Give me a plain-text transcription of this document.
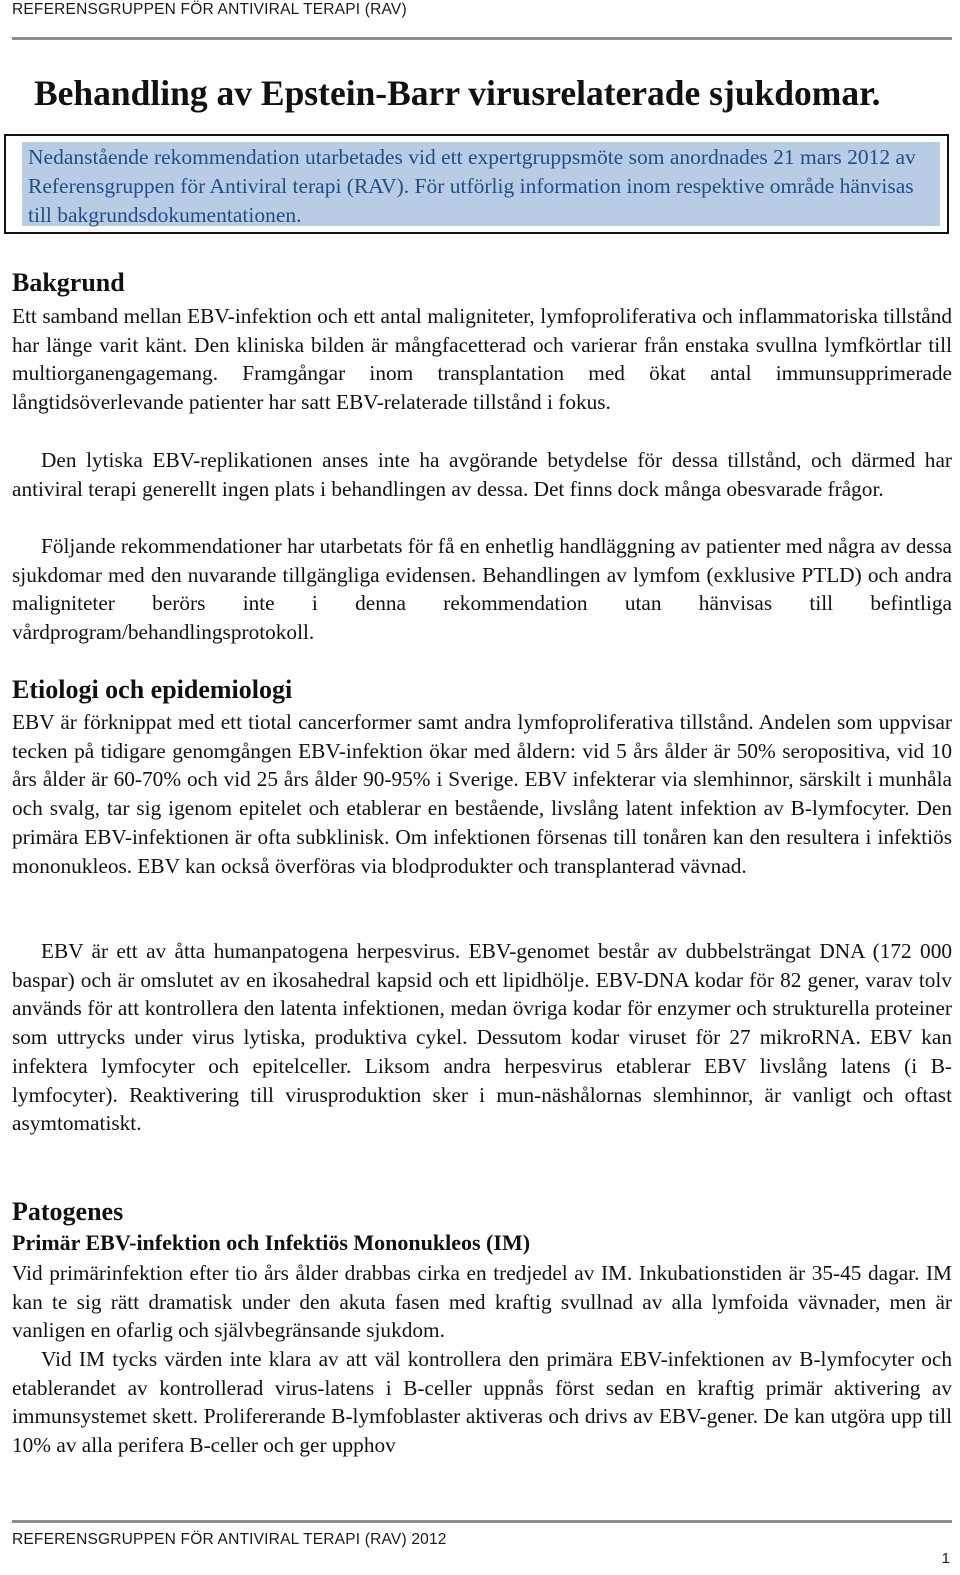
REFERENSGRUPPEN FÖR ANTIVIRAL TERAPI (RAV)
Behandling av Epstein-Barr virusrelaterade sjukdomar.
Nedanstående rekommendation utarbetades vid ett expertgruppsmöte som anordnades 21 mars 2012 av Referensgruppen för Antiviral terapi (RAV). För utförlig information inom respektive område hänvisas till bakgrundsdokumentationen.
Bakgrund
Ett samband mellan EBV-infektion och ett antal maligniteter, lymfoproliferativa och inflammatoriska tillstånd har länge varit känt. Den kliniska bilden är mångfacetterad och varierar från enstaka svullna lymfkörtlar till multiorganengagemang. Framgångar inom transplantation med ökat antal immunsupprimerade långtidsöverlevande patienter har satt EBV-relaterade tillstånd i fokus.
Den lytiska EBV-replikationen anses inte ha avgörande betydelse för dessa tillstånd, och därmed har antiviral terapi generellt ingen plats i behandlingen av dessa. Det finns dock många obesvarade frågor.
Följande rekommendationer har utarbetats för få en enhetlig handläggning av patienter med några av dessa sjukdomar med den nuvarande tillgängliga evidensen. Behandlingen av lymfom (exklusive PTLD) och andra maligniteter berörs inte i denna rekommendation utan hänvisas till befintliga vårdprogram/behandlingsprotokoll.
Etiologi och epidemiologi
EBV är förknippat med ett tiotal cancerformer samt andra lymfoproliferativa tillstånd. Andelen som uppvisar tecken på tidigare genomgången EBV-infektion ökar med åldern: vid 5 års ålder är 50% seropositiva, vid 10 års ålder är 60-70% och vid 25 års ålder 90-95% i Sverige. EBV infekterar via slemhinnor, särskilt i munhåla och svalg, tar sig igenom epitelet och etablerar en bestående, livslång latent infektion av B-lymfocyter. Den primära EBV-infektionen är ofta subklinisk. Om infektionen försenas till tonåren kan den resultera i infektiös mononukleos. EBV kan också överföras via blodprodukter och transplanterad vävnad.
EBV är ett av åtta humanpatogena herpesvirus. EBV-genomet består av dubbelsträngat DNA (172 000 baspar) och är omslutet av en ikosahedral kapsid och ett lipidhölje. EBV-DNA kodar för 82 gener, varav tolv används för att kontrollera den latenta infektionen, medan övriga kodar för enzymer och strukturella proteiner som uttrycks under virus lytiska, produktiva cykel. Dessutom kodar viruset för 27 mikroRNA. EBV kan infektera lymfocyter och epitelceller. Liksom andra herpesvirus etablerar EBV livslång latens (i B-lymfocyter). Reaktivering till virusproduktion sker i mun-näshålornas slemhinnor, är vanligt och oftast asymtomatiskt.
Patogenes
Primär EBV-infektion och Infektiös Mononukleos (IM)
Vid primärinfektion efter tio års ålder drabbas cirka en tredjedel av IM. Inkubationstiden är 35-45 dagar. IM kan te sig rätt dramatisk under den akuta fasen med kraftig svullnad av alla lymfoida vävnader, men är vanligen en ofarlig och självbegränsande sjukdom.
Vid IM tycks värden inte klara av att väl kontrollera den primära EBV-infektionen av B-lymfocyter och etablerandet av kontrollerad virus-latens i B-celler uppnås först sedan en kraftig primär aktivering av immunsystemet skett. Prolifererande B-lymfoblaster aktiveras och drivs av EBV-gener. De kan utgöra upp till 10% av alla perifera B-celler och ger upphov
REFERENSGRUPPEN FÖR ANTIVIRAL TERAPI (RAV) 2012
1
